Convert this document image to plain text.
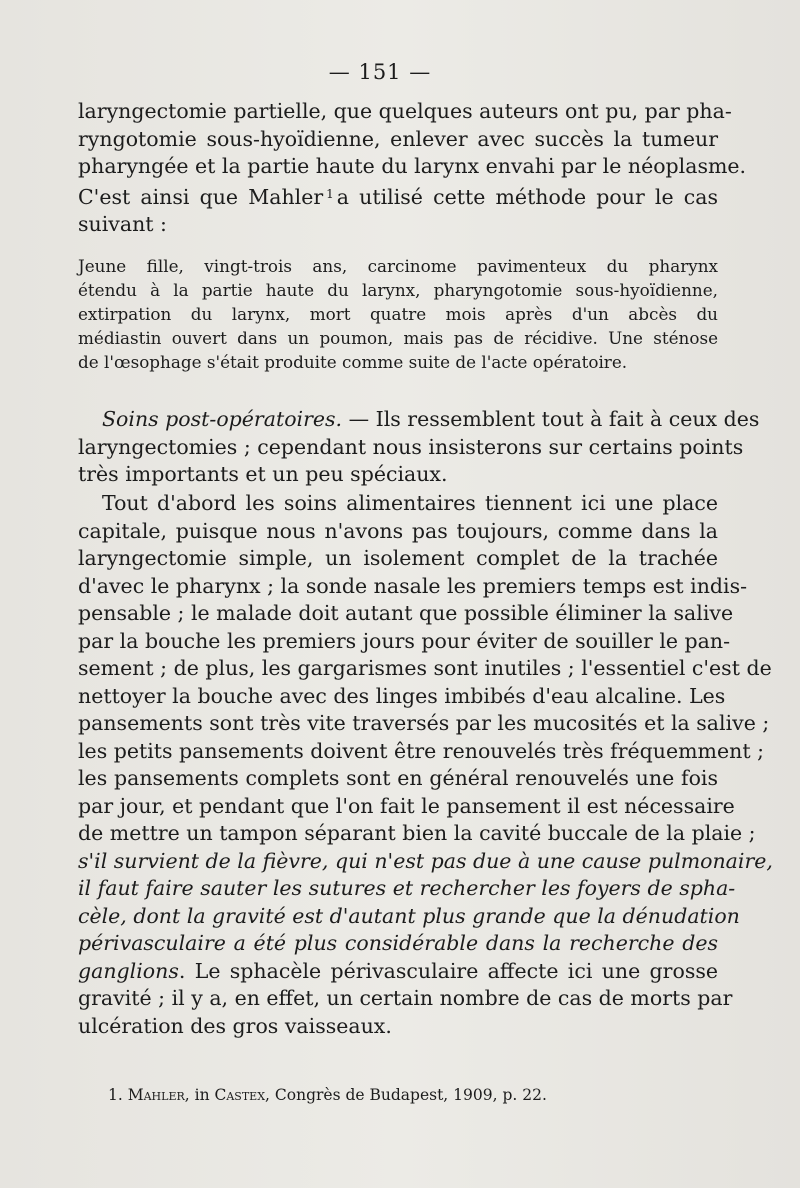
— 151 —

laryngectomie partielle, que quelques auteurs ont pu, par pha-
ryngotomie sous-hyoïdienne, enlever avec succès la tumeur
pharyngée et la partie haute du larynx envahi par le néoplasme.
C'est ainsi que Mahler $^1$ a utilisé cette méthode pour le cas
suivant :

Jeune fille, vingt-trois ans, carcinome pavimenteux du pharynx
étendu à la partie haute du larynx, pharyngotomie sous-hyoïdienne,
extirpation du larynx, mort quatre mois après d'un abcès du
médiastin ouvert dans un poumon, mais pas de récidive. Une sténose
de l'œsophage s'était produite comme suite de l'acte opératoire.

Soins post-opératoires. — Ils ressemblent tout à fait à ceux des
laryngectomies ; cependant nous insisterons sur certains points
très importants et un peu spéciaux.

Tout d'abord les soins alimentaires tiennent ici une place
capitale, puisque nous n'avons pas toujours, comme dans la
laryngectomie simple, un isolement complet de la trachée
d'avec le pharynx ; la sonde nasale les premiers temps est indis-
pensable ; le malade doit autant que possible éliminer la salive
par la bouche les premiers jours pour éviter de souiller le pan-
sement ; de plus, les gargarismes sont inutiles ; l'essentiel c'est de
nettoyer la bouche avec des linges imbibés d'eau alcaline. Les
pansements sont très vite traversés par les mucosités et la salive ;
les petits pansements doivent être renouvelés très fréquemment ;
les pansements complets sont en général renouvelés une fois
par jour, et pendant que l'on fait le pansement il est nécessaire
de mettre un tampon séparant bien la cavité buccale de la plaie ;
s'il survient de la fièvre, qui n'est pas due à une cause pulmonaire,
il faut faire sauter les sutures et rechercher les foyers de spha-
cèle, dont la gravité est d'autant plus grande que la dénudation
périvasculaire a été plus considérable dans la recherche des
ganglions. Le sphacèle périvasculaire affecte ici une grosse
gravité ; il y a, en effet, un certain nombre de cas de morts par
ulcération des gros vaisseaux.

1. Mahler, in Castex, Congrès de Budapest, 1909, p. 22.
